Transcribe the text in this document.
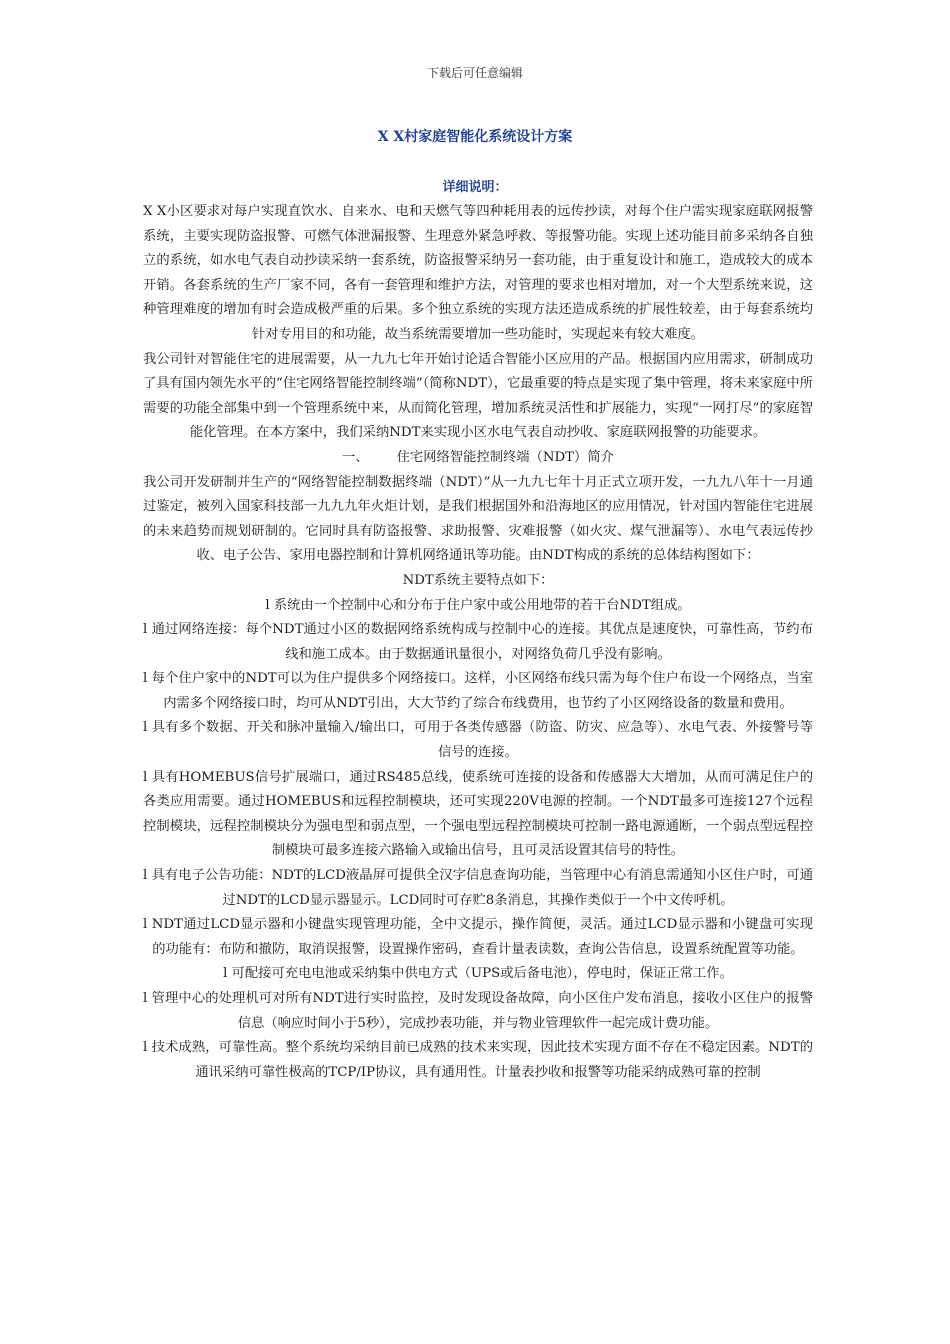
下载后可任意编辑
X X村家庭智能化系统设计方案
详细说明：

X X小区要求对每户实现直饮水、自来水、电和天燃气等四种耗用表的远传抄读，对每个住户需实现家庭联网报警系统，主要实现防盗报警、可燃气体泄漏报警、生理意外紧急呼救、等报警功能。实现上述功能目前多采纳各自独立的系统，如水电气表自动抄读采纳一套系统，防盗报警采纳另一套功能，由于重复设计和施工，造成较大的成本开销。各套系统的生产厂家不同，各有一套管理和维护方法，对管理的要求也相对增加，对一个大型系统来说，这种管理难度的增加有时会造成极严重的后果。多个独立系统的实现方法还造成系统的扩展性较差，由于每套系统均针对专用目的和功能，故当系统需要增加一些功能时，实现起来有较大难度。

我公司针对智能住宅的进展需要，从一九九七年开始讨论适合智能小区应用的产品。根据国内应用需求，研制成功了具有国内领先水平的“住宅网络智能控制终端”（简称NDT），它最重要的特点是实现了集中管理，将未来家庭中所需要的功能全部集中到一个管理系统中来，从而简化管理，增加系统灵活性和扩展能力，实现“一网打尽”的家庭智能化管理。在本方案中，我们采纳NDT来实现小区水电气表自动抄收、家庭联网报警的功能要求。

一、 住宅网络智能控制终端（NDT）简介

我公司开发研制并生产的“网络智能控制数据终端（NDT）”从一九九七年十月正式立项开发，一九九八年十一月通过鉴定，被列入国家科技部一九九九年火炬计划，是我们根据国外和沿海地区的应用情况，针对国内智能住宅进展的未来趋势而规划研制的。它同时具有防盗报警、求助报警、灾难报警（如火灾、煤气泄漏等）、水电气表远传抄收、电子公告、家用电器控制和计算机网络通讯等功能。由NDT构成的系统的总体结构图如下：

NDT系统主要特点如下：

l 系统由一个控制中心和分布于住户家中或公用地带的若干台NDT组成。

l 通过网络连接：每个NDT通过小区的数据网络系统构成与控制中心的连接。其优点是速度快，可靠性高，节约布线和施工成本。由于数据通讯量很小，对网络负荷几乎没有影响。

l 每个住户家中的NDT可以为住户提供多个网络接口。这样，小区网络布线只需为每个住户布设一个网络点，当室内需多个网络接口时，均可从NDT引出，大大节约了综合布线费用，也节约了小区网络设备的数量和费用。

l 具有多个数据、开关和脉冲量输入/输出口，可用于各类传感器（防盗、防灾、应急等）、水电气表、外接警号等信号的连接。

l 具有HOMEBUS信号扩展端口，通过RS485总线，使系统可连接的设备和传感器大大增加，从而可满足住户的各类应用需要。通过HOMEBUS和远程控制模块，还可实现220V电源的控制。一个NDT最多可连接127个远程控制模块，远程控制模块分为强电型和弱点型，一个强电型远程控制模块可控制一路电源通断，一个弱点型远程控制模块可最多连接六路输入或输出信号，且可灵活设置其信号的特性。

l 具有电子公告功能：NDT的LCD液晶屏可提供全汉字信息查询功能，当管理中心有消息需通知小区住户时，可通过NDT的LCD显示器显示。LCD同时可存贮8条消息，其操作类似于一个中文传呼机。

l NDT通过LCD显示器和小键盘实现管理功能，全中文提示，操作简便，灵活。通过LCD显示器和小键盘可实现的功能有：布防和撤防，取消误报警，设置操作密码，查看计量表读数，查询公告信息，设置系统配置等功能。

l 可配接可充电电池或采纳集中供电方式（UPS或后备电池），停电时，保证正常工作。

l 管理中心的处理机可对所有NDT进行实时监控，及时发现设备故障，向小区住户发布消息，接收小区住户的报警信息（响应时间小于5秒），完成抄表功能，并与物业管理软件一起完成计费功能。

l 技术成熟，可靠性高。整个系统均采纳目前已成熟的技术来实现，因此技术实现方面不存在不稳定因素。NDT的通讯采纳可靠性极高的TCP/IP协议，具有通用性。计量表抄收和报警等功能采纳成熟可靠的控制
